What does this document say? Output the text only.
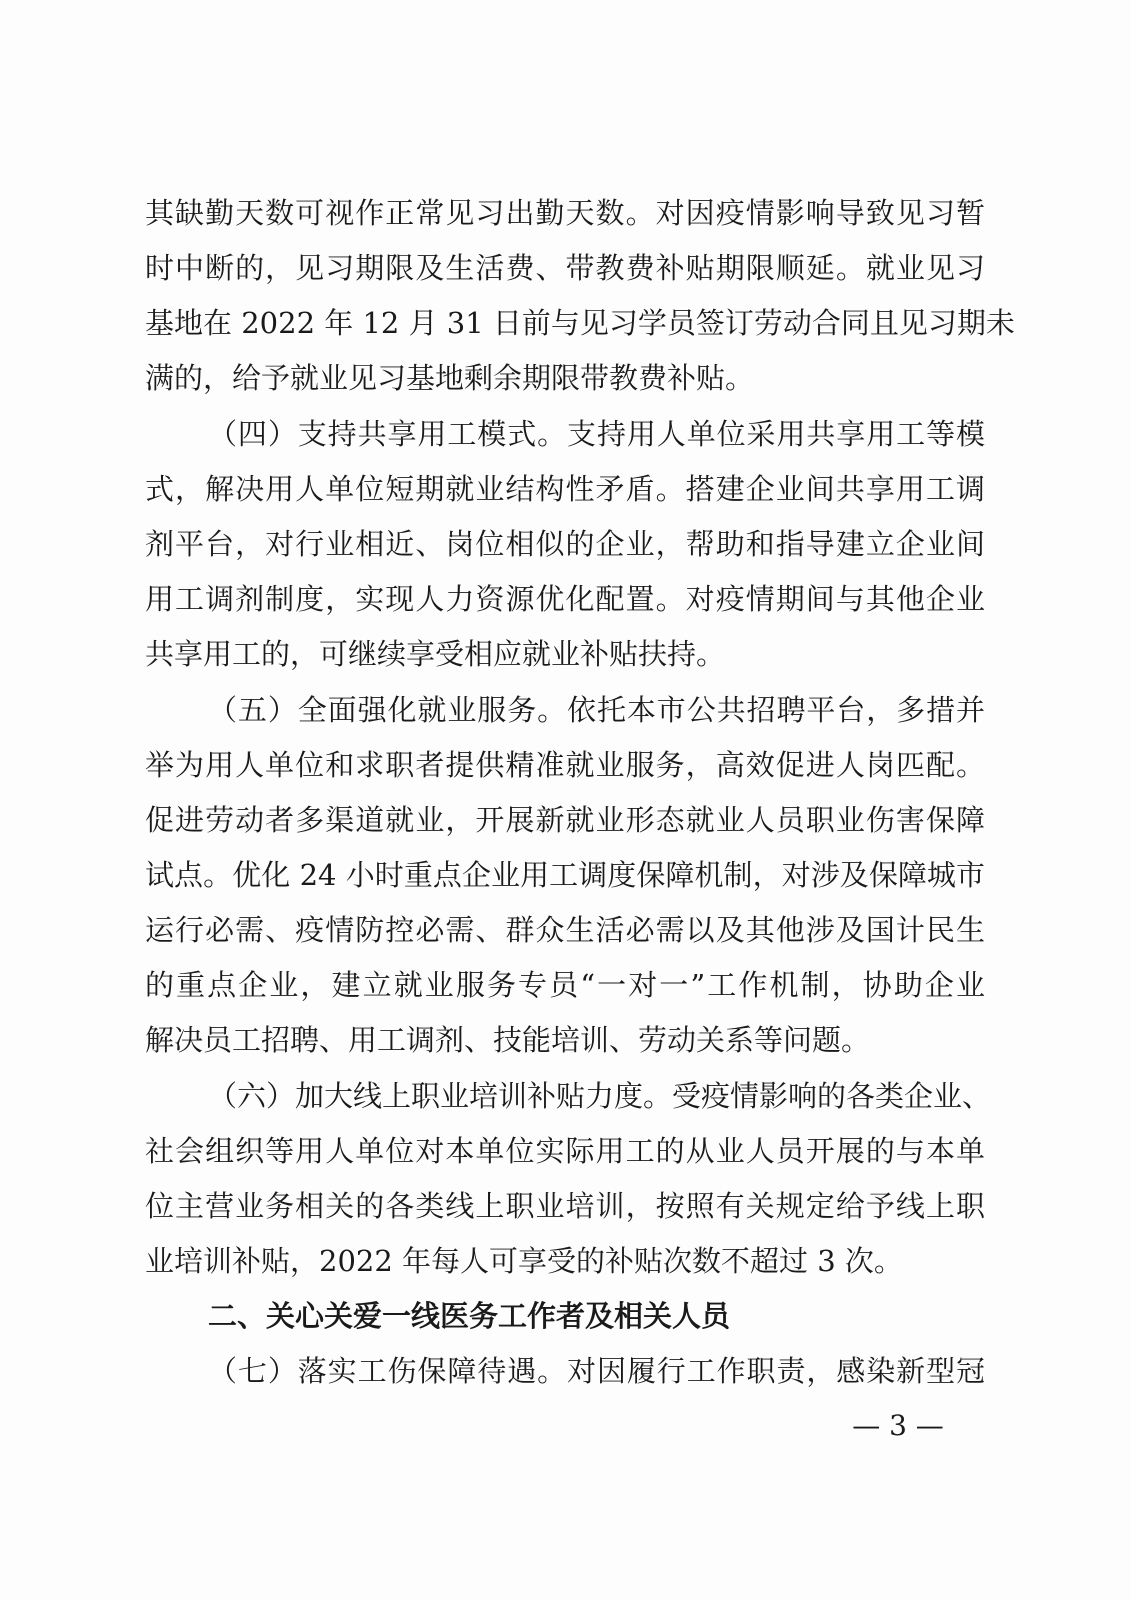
其缺勤天数可视作正常见习出勤天数。对因疫情影响导致见习暂
时中断的，见习期限及生活费、带教费补贴期限顺延。就业见习
基地在 2022 年 12 月 31 日前与见习学员签订劳动合同且见习期未
满的，给予就业见习基地剩余期限带教费补贴。
（四）支持共享用工模式。支持用人单位采用共享用工等模
式，解决用人单位短期就业结构性矛盾。搭建企业间共享用工调
剂平台，对行业相近、岗位相似的企业，帮助和指导建立企业间
用工调剂制度，实现人力资源优化配置。对疫情期间与其他企业
共享用工的，可继续享受相应就业补贴扶持。
（五）全面强化就业服务。依托本市公共招聘平台，多措并
举为用人单位和求职者提供精准就业服务，高效促进人岗匹配。
促进劳动者多渠道就业，开展新就业形态就业人员职业伤害保障
试点。优化 24 小时重点企业用工调度保障机制，对涉及保障城市
运行必需、疫情防控必需、群众生活必需以及其他涉及国计民生
的重点企业，建立就业服务专员“一对一”工作机制，协助企业
解决员工招聘、用工调剂、技能培训、劳动关系等问题。
（六）加大线上职业培训补贴力度。受疫情影响的各类企业、
社会组织等用人单位对本单位实际用工的从业人员开展的与本单
位主营业务相关的各类线上职业培训，按照有关规定给予线上职
业培训补贴，2022 年每人可享受的补贴次数不超过 3 次。
二、关心关爱一线医务工作者及相关人员
（七）落实工伤保障待遇。对因履行工作职责，感染新型冠
— 3 —
